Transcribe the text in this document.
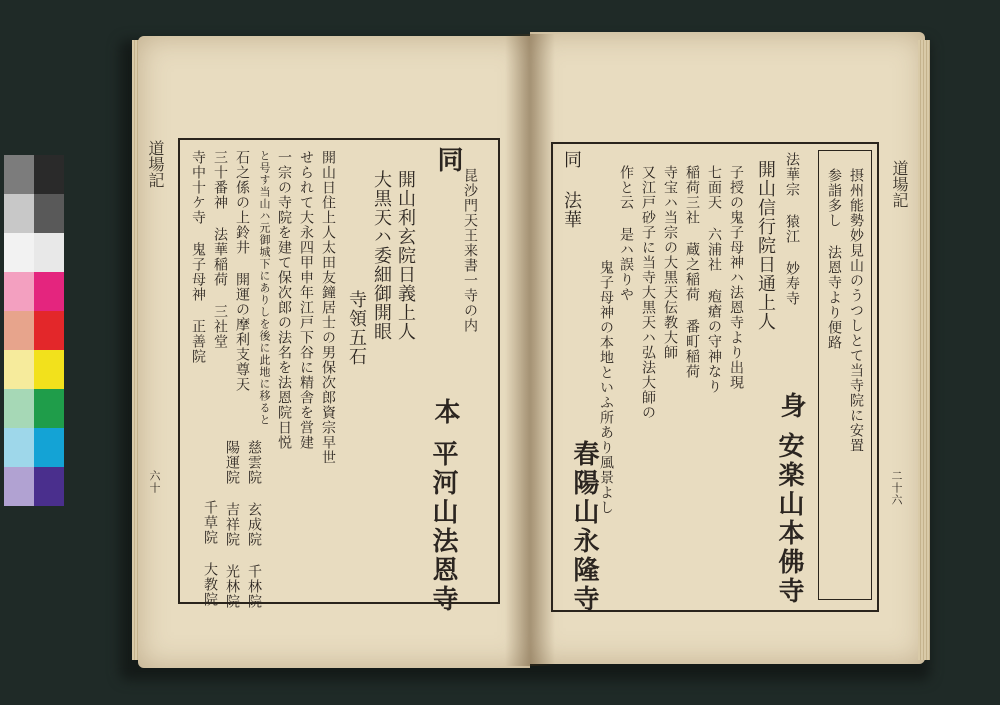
道場記	道場記
同
昆沙門天王来書一寺の内
本
平河山法恩寺
開山利玄院日義上人
大黒天ハ委細御開眼
寺領五石
開山日住上人太田友鐘居士の男保次郎資宗早世
せられて大永四甲申年江戸下谷に精舎を営建
一宗の寺院を建て保次郎の法名を法恩院日悦
と号す当山ハ元御城下にありしを後に此地に移ると
石之係の上鈴井 開運の摩利支尊天
三十番神 法華稲荷 三社堂
寺中十ケ寺 鬼子母神 正善院
慈雲院 玄成院 千林院
陽運院 吉祥院 光林院
千草院 大教院
六十
摂州能勢妙見山のうつしとて当寺院に安置
参詣多し 法恩寺より便路
同 法華
身
安楽山本佛寺
法華宗 猿江 妙寿寺
開山信行院日通上人
子授の鬼子母神ハ法恩寺より出現
七面天 六浦社 疱瘡の守神なり
稲荷三社 蔵之稲荷 番町稲荷
寺宝ハ当宗の大黒天伝教大師
又江戸砂子に当寺大黒天ハ弘法大師の
作と云 是ハ誤りや
鬼子母神の本地といふ所あり風景よし
春陽山永隆寺	二十六
